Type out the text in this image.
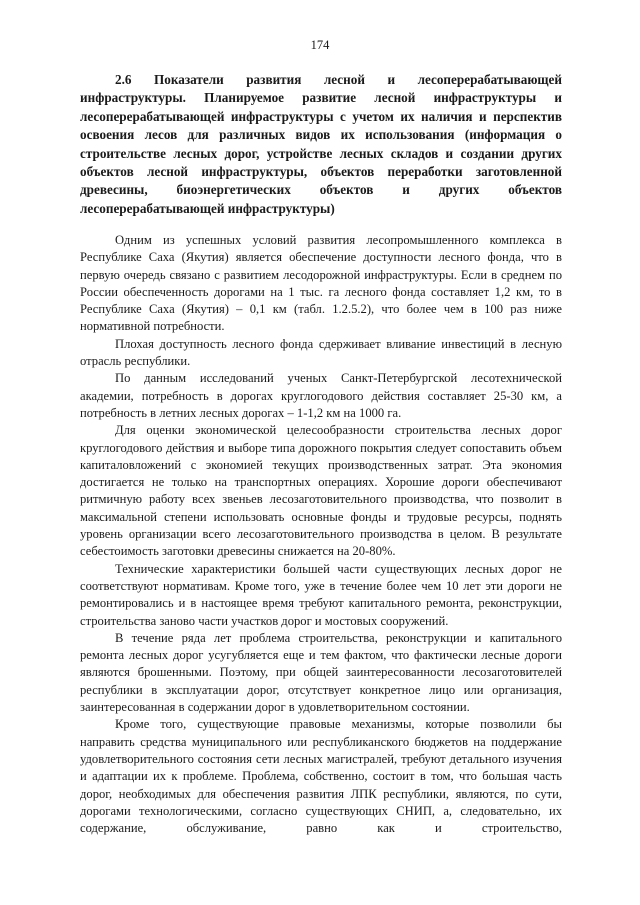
174
2.6 Показатели развития лесной и лесоперерабатывающей инфраструктуры. Планируемое развитие лесной инфраструктуры и лесоперерабатывающей инфраструктуры с учетом их наличия и перспектив освоения лесов для различных видов их использования (информация о строительстве лесных дорог, устройстве лесных складов и создании других объектов лесной инфраструктуры, объектов переработки заготовленной древесины, биоэнергетических объектов и других объектов лесоперерабатывающей инфраструктуры)

Одним из успешных условий развития лесопромышленного комплекса в Республике Саха (Якутия) является обеспечение доступности лесного фонда, что в первую очередь связано с развитием лесодорожной инфраструктуры. Если в среднем по России обеспеченность дорогами на 1 тыс. га лесного фонда составляет 1,2 км, то в Республике Саха (Якутия) – 0,1 км (табл. 1.2.5.2), что более чем в 100 раз ниже нормативной потребности.

Плохая доступность лесного фонда сдерживает вливание инвестиций в лесную отрасль республики.

По данным исследований ученых Санкт-Петербургской лесотехнической академии, потребность в дорогах круглогодового действия составляет 25-30 км, а потребность в летних лесных дорогах – 1-1,2 км на 1000 га.

Для оценки экономической целесообразности строительства лесных дорог круглогодового действия и выборе типа дорожного покрытия следует сопоставить объем капиталовложений с экономией текущих производственных затрат. Эта экономия достигается не только на транспортных операциях. Хорошие дороги обеспечивают ритмичную работу всех звеньев лесозаготовительного производства, что позволит в максимальной степени использовать основные фонды и трудовые ресурсы, поднять уровень организации всего лесозаготовительного производства в целом. В результате себестоимость заготовки древесины снижается на 20-80%.

Технические характеристики большей части существующих лесных дорог не соответствуют нормативам. Кроме того, уже в течение более чем 10 лет эти дороги не ремонтировались и в настоящее время требуют капитального ремонта, реконструкции, строительства заново части участков дорог и мостовых сооружений.

В течение ряда лет проблема строительства, реконструкции и капитального ремонта лесных дорог усугубляется еще и тем фактом, что фактически лесные дороги являются брошенными. Поэтому, при общей заинтересованности лесозаготовителей республики в эксплуатации дорог, отсутствует конкретное лицо или организация, заинтересованная в содержании дорог в удовлетворительном состоянии.

Кроме того, существующие правовые механизмы, которые позволили бы направить средства муниципального или республиканского бюджетов на поддержание удовлетворительного состояния сети лесных магистралей, требуют детального изучения и адаптации их к проблеме. Проблема, собственно, состоит в том, что большая часть дорог, необходимых для обеспечения развития ЛПК республики, являются, по сути, дорогами технологическими, согласно существующих СНИП, а, следовательно, их содержание, обслуживание, равно как и строительство,
